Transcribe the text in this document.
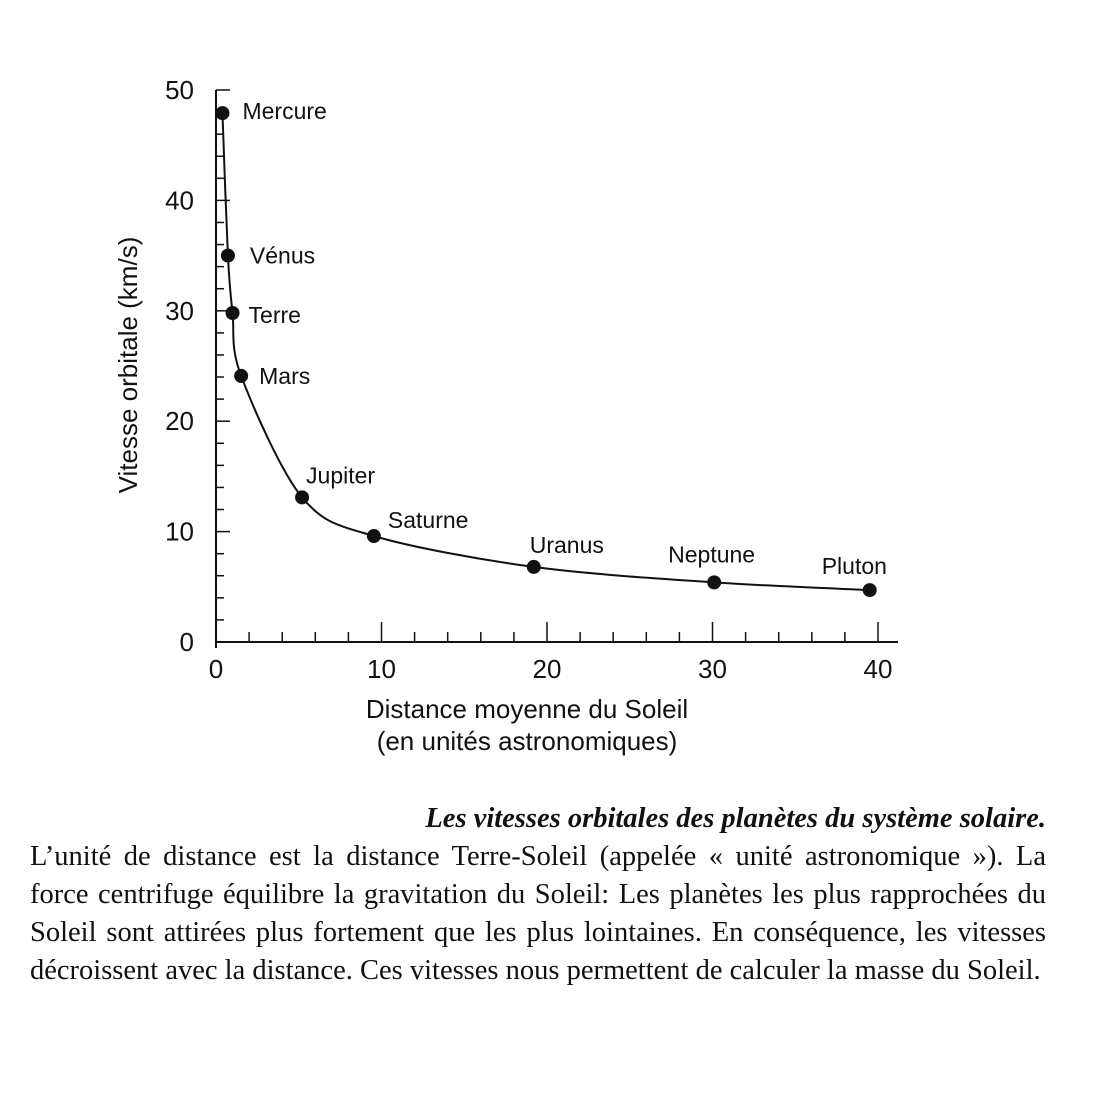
0
10
20
30
40
50
0	10	20	30	40
Mercure
Vénus
Terre
Mars
Jupiter
Saturne
Uranus	Neptune	Pluton
Vitesse orbitale (km/s)
Distance moyenne du Soleil
(en unités astronomiques)

Les vitesses orbitales des planètes du système solaire.
L’unité de distance est la distance Terre-Soleil (appelée « unité astronomique »). La force centrifuge équilibre la gravitation du Soleil: Les planètes les plus rapprochées du Soleil sont attirées plus fortement que les plus lointaines. En conséquence, les vitesses décroissent avec la distance. Ces vitesses nous permettent de calculer la masse du Soleil.
